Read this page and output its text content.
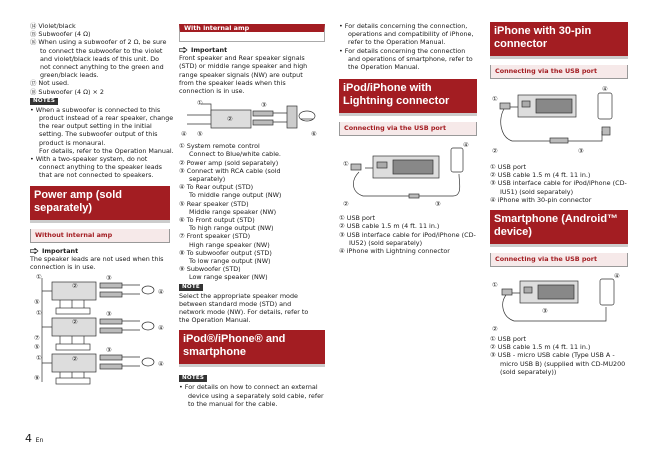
⑭ Violet/black
⑮ Subwoofer (4 Ω)
⑯ When using a subwoofer of 2 Ω, be sure
to connect the subwoofer to the violet
and violet/black leads of this unit. Do
not connect anything to the green and
green/black leads.
⑰ Not used.
⑱ Subwoofer (4 Ω) × 2
NOTES
• When a subwoofer is connected to this
product instead of a rear speaker, change
the rear output setting in the initial
setting. The subwoofer output of this
product is monaural.
For details, refer to the Operation Manual.
• With a two-speaker system, do not
connect anything to the speaker leads
that are not connected to speakers.
Power amp (sold
separately)
Without internal amp
Important
The speaker leads are not used when this
connection is in use.
①
②
③
④
⑤
①
⑦
②
③
④
⑤
①
⑨
②
③
④
With internal amp
Important
Front speaker and Rear speaker signals
(STD) or middle range speaker and high
range speaker signals (NW) are output
from the speaker leads when this
connection is in use.
①
②
③
④ ⑤	⑥
① System remote control
Connect to Blue/white cable.
② Power amp (sold separately)
③ Connect with RCA cable (sold
separately)
④ To Rear output (STD)
To middle range output (NW)
⑤ Rear speaker (STD)
Middle range speaker (NW)
⑥ To Front output (STD)
To high range output (NW)
⑦ Front speaker (STD)
High range speaker (NW)
⑧ To subwoofer output (STD)
To low range output (NW)
⑨ Subwoofer (STD)
Low range speaker (NW)
NOTE
Select the appropriate speaker mode
between standard mode (STD) and
network mode (NW). For details, refer to
the Operation Manual.
iPod®/iPhone® and
smartphone
NOTES
• For details on how to connect an external
device using a separately sold cable, refer
to the manual for the cable.
• For details concerning the connection,
operations and compatibility of iPhone,
refer to the Operation Manual.
• For details concerning the connection
and operations of smartphone, refer to
the Operation Manual.
iPod/iPhone with
Lightning connector
Connecting via the USB port
①
②	③
④
① USB port
② USB cable 1.5 m (4 ft. 11 in.)
③ USB interface cable for iPod/iPhone (CD-
IU52) (sold separately)
④ iPhone with Lightning connector
iPhone with 30-pin
connector
Connecting via the USB port
①
②	③
④
① USB port
② USB cable 1.5 m (4 ft. 11 in.)
③ USB interface cable for iPod/iPhone (CD-
IU51) (sold separately)
④ iPhone with 30-pin connector
Smartphone (Android™
device)
Connecting via the USB port
①
②
③
④
① USB port
② USB cable 1.5 m (4 ft. 11 in.)
③ USB - micro USB cable (Type USB A -
micro USB B) (supplied with CD-MU200
(sold separately))
4 En
